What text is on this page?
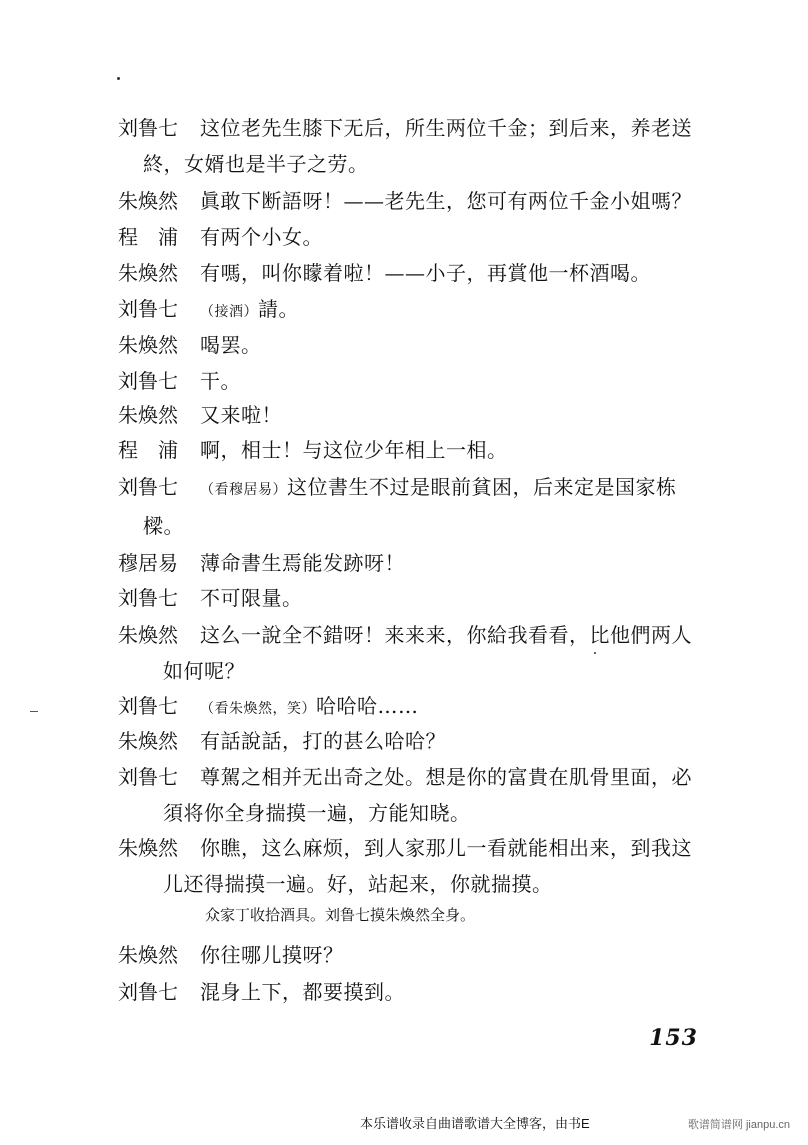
刘鲁七	这位老先生膝下无后，所生两位千金；到后来，养老送
終，女婿也是半子之劳。
朱煥然	眞敢下断語呀！——老先生，您可有两位千金小姐嗎？
程　浦	有两个小女。
朱煥然	有嗎，叫你矇着啦！——小子，再賞他一杯酒喝。
刘鲁七	（接酒）請。
朱煥然	喝罢。
刘鲁七	干。
朱煥然	又来啦！
程　浦	啊，相士！与这位少年相上一相。
刘鲁七	（看穆居易）这位書生不过是眼前貧困，后来定是国家栋
樑。
穆居易	薄命書生焉能发跡呀！
刘鲁七	不可限量。
朱煥然	这么一說全不錯呀！来来来，你給我看看，比他們两人
如何呢？
刘鲁七	（看朱煥然，笑）哈哈哈……
朱煥然	有話說話，打的甚么哈哈？
刘鲁七	尊駕之相并无出奇之处。想是你的富貴在肌骨里面，必
須将你全身揣摸一遍，方能知晓。
朱煥然	你瞧，这么麻烦，到人家那儿一看就能相出来，到我这
儿还得揣摸一遍。好，站起来，你就揣摸。
众家丁收拾酒具。刘鲁七摸朱煥然全身。
朱煥然	你往哪儿摸呀？
刘鲁七	混身上下，都要摸到。
153
本乐谱收录自曲谱歌谱大全博客，由书E	歌谱简谱网 jianpu.cn
